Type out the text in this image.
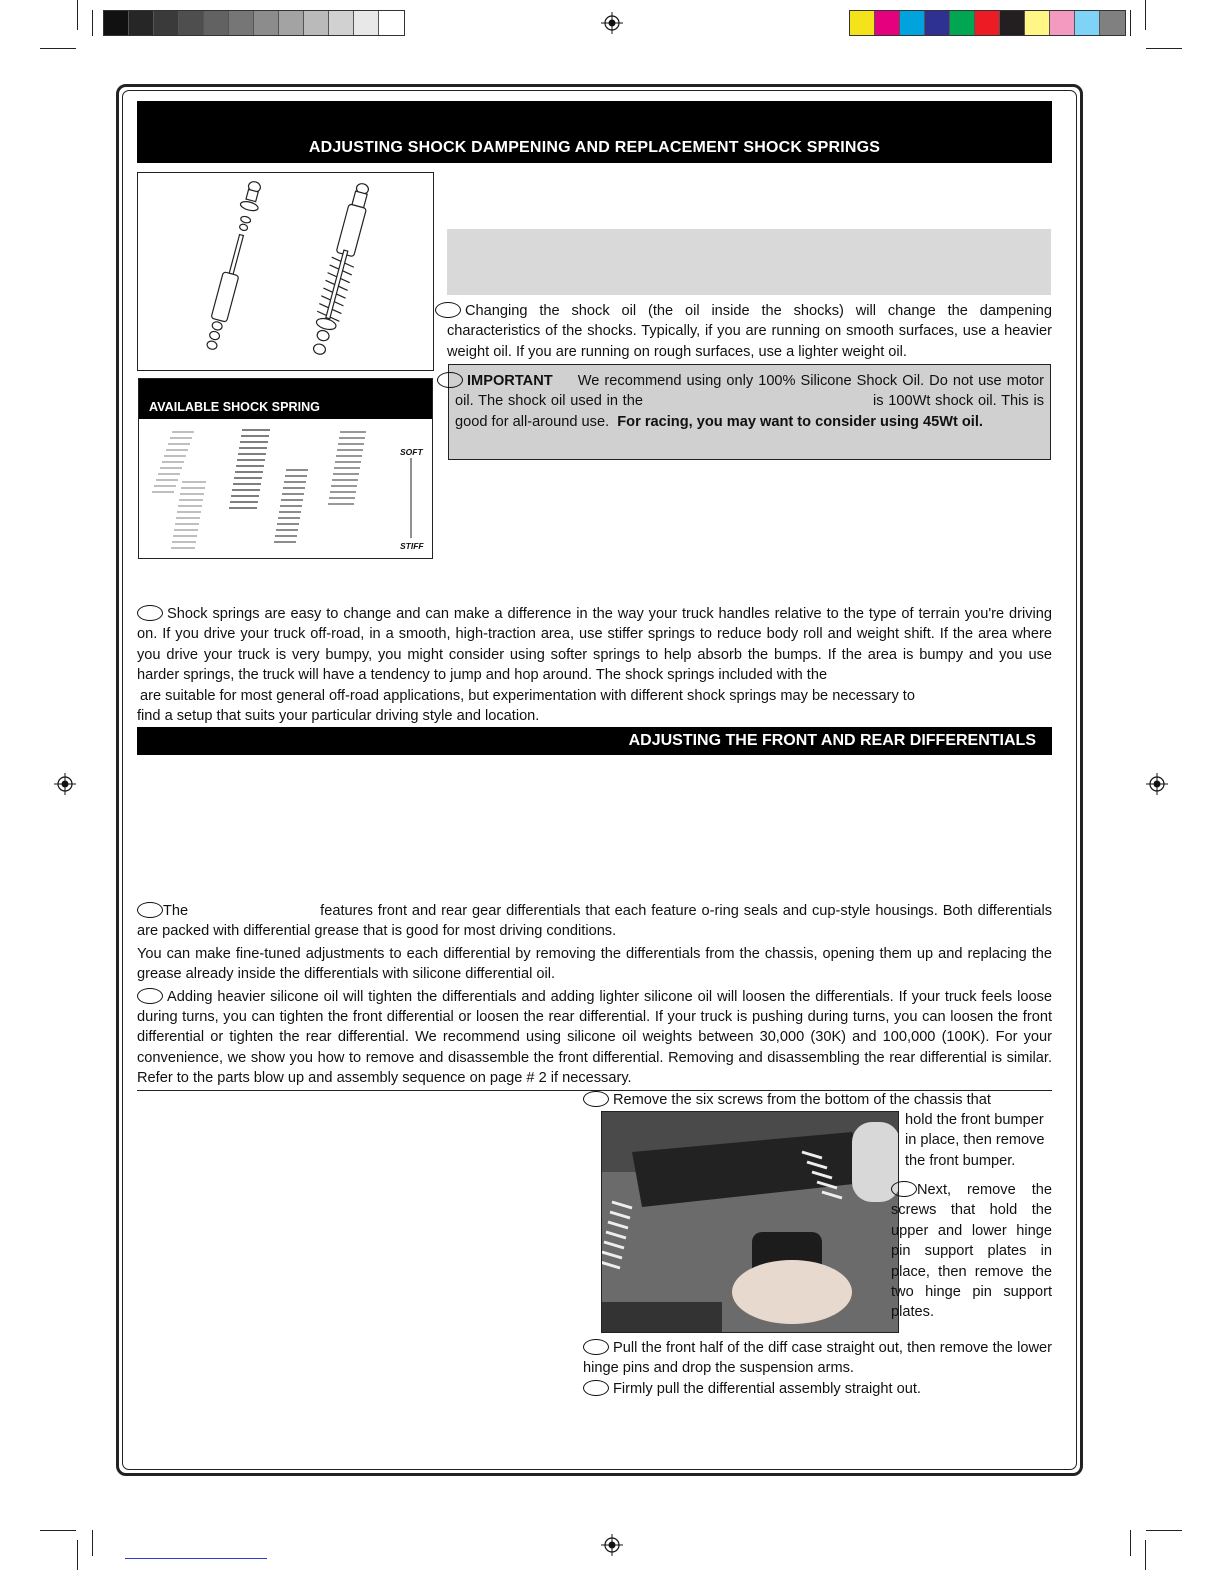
ADJUSTING SHOCK DAMPENING AND REPLACEMENT SHOCK SPRINGS

Changing the shock oil (the oil inside the shocks) will change the dampening characteristics of the shocks. Typically, if you are running on smooth surfaces, use a heavier weight oil. If you are running on rough surfaces, use a lighter weight oil.

IMPORTANT We recommend using only 100% Silicone Shock Oil. Do not use motor oil. The shock oil used in the	is 100Wt shock oil. This is good for all-around use. For racing, you may want to consider using 45Wt oil.

AVAILABLE SHOCK SPRING
SOFT
STIFF

Shock springs are easy to change and can make a difference in the way your truck handles relative to the type of terrain you're driving on. If you drive your truck off-road, in a smooth, high-traction area, use stiffer springs to reduce body roll and weight shift. If the area where you drive your truck is very bumpy, you might consider using softer springs to help absorb the bumps. If the area is bumpy and you use harder springs, the truck will have a tendency to jump and hop around. The shock springs included with the

are suitable for most general off-road applications, but experimentation with different shock springs may be necessary to

find a setup that suits your particular driving style and location.

ADJUSTING THE FRONT AND REAR DIFFERENTIALS

The	features front and rear gear differentials that each feature o-ring seals and cup-style housings. Both differentials are packed with differential grease that is good for most driving conditions.

You can make fine-tuned adjustments to each differential by removing the differentials from the chassis, opening them up and replacing the grease already inside the differentials with silicone differential oil.

Adding heavier silicone oil will tighten the differentials and adding lighter silicone oil will loosen the differentials. If your truck feels loose during turns, you can tighten the front differential or loosen the rear differential. If your truck is pushing during turns, you can loosen the front differential or tighten the rear differential. We recommend using silicone oil weights between 30,000 (30K) and 100,000 (100K). For your convenience, we show you how to remove and disassemble the front differential. Removing and disassembling the rear differential is similar. Refer to the parts blow up and assembly sequence on page # 2 if necessary.

Remove the six screws from the bottom of the chassis that

hold the front bumper in place, then remove the front bumper.

Next, remove the screws that hold the upper and lower hinge pin support plates in place, then remove the two hinge pin support plates.

Pull the front half of the diff case straight out, then remove the lower hinge pins and drop the suspension arms.

Firmly pull the differential assembly straight out.
